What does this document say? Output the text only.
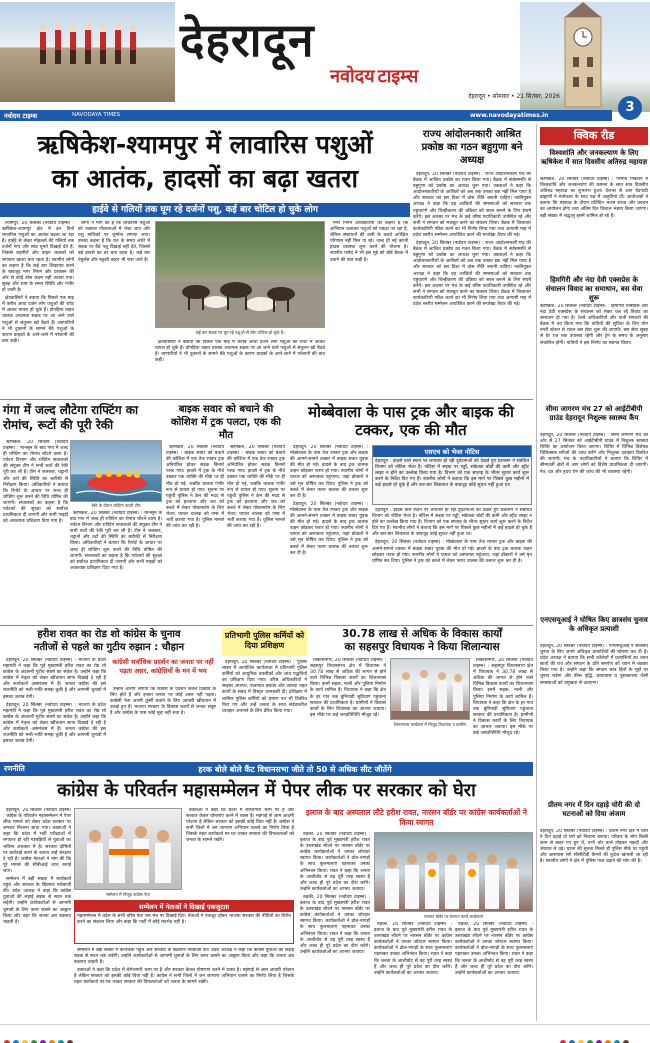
देहरादून
नवोदय टाइम्स
देहरादून • सोमवार • 21 सितंबर, 2026
3
नवोदय टाइम्स	NAVODAYA TIMES	www.navodayatimes.in
ऋषिकेश-श्यामपुर में लावारिस पशुओं
का आतंक, हादसों का बढ़ा खतरा
हाईवे से गलियों तक घूम रहे दर्जनों पशु, कई बार चोटिल हो चुके लोग

श्यामपुर, 20 सितंबर (नवोदय टाइम्स) : ऋषिकेश-श्यामपुर क्षेत्र में इन दिनों लावारिस पशुओं का आतंक बढ़ता जा रहा है। हाईवे से लेकर मोहल्लों की गलियों तक दर्जनों गाय और सांड घूमते दिखाई देते हैं, जिससे राहगीरों और वाहन चालकों को लगातार खतरा बना रहता है। स्थानीय लोगों का कहना है कि कई बार शिकायत करने के बावजूद नगर निगम और प्रशासन की ओर से कोई ठोस कदम नहीं उठाया गया। सुबह और शाम के समय स्थिति और गंभीर हो जाती है।

क्षेत्रवासियों ने बताया कि पिछले एक माह में करीब आधा दर्जन लोग पशुओं की चपेट में आकर घायल हो चुके हैं। दोपहिया वाहन चालक अचानक सड़क पर आ जाने वाले पशुओं से संतुलन खो बैठते हैं। व्यापारियों ने भी दुकानों के सामने बैठे पशुओं के कारण ग्राहकों के आने-जाने में परेशानी की बात कही।

लोगों ने मांग की है कि लावारिस पशुओं को तत्काल गौशालाओं में भेजा जाए और पशु मालिकों पर जुर्माना लगाया जाए। उनका कहना है कि रात के समय अंधेरे में सड़क पर बैठे पशु दिखाई नहीं देते, जिससे बड़े हादसे का डर बना रहता है। कई बार एंबुलेंस और स्कूली वाहन भी फंस जाते हैं।

कई बार सड़क पर घूम रहे पशुओं से लोग चोटिल हो चुके हैं।

नगर निगम अधिकारियों का कहना है कि अभियान चलाकर पशुओं को पकड़ा जा रहा है, लेकिन संसाधनों की कमी के चलते अपेक्षित परिणाम नहीं मिल पा रहे। जल्द ही नई कांजी हाउस व्यवस्था शुरू करने की योजना है। स्थानीय पार्षद ने भी इस मुद्दे को बोर्ड बैठक में उठाने की बात कही है।

क्षेत्रवासियों ने बताया कि पिछले एक माह में करीब आधा दर्जन लोग पशुओं की चपेट में आकर घायल हो चुके हैं। दोपहिया वाहन चालक अचानक सड़क पर आ जाने वाले पशुओं से संतुलन खो बैठते हैं। व्यापारियों ने भी दुकानों के सामने बैठे पशुओं के कारण ग्राहकों के आने-जाने में परेशानी की बात कही।

राज्य आंदोलनकारी आश्रित प्रकोष्ठ का गठन बहुगुणा बने अध्यक्ष

देहरादून, 20 सितंबर (नवोदय टाइम्स) : राज्य आंदोलनकारी मंच की बैठक में आश्रित प्रकोष्ठ का गठन किया गया। बैठक में सर्वसम्मति से बहुगुणा को प्रकोष्ठ का अध्यक्ष चुना गया। वक्ताओं ने कहा कि आंदोलनकारियों के आश्रितों को अब तक उनका हक नहीं मिल पाया है और सरकार को इस दिशा में ठोस नीति बनानी चाहिए। नवनियुक्त अध्यक्ष ने कहा कि वह आश्रितों की समस्याओं को सरकार तक पहुंचाएंगे और चिन्हीकरण की प्रक्रिया को सरल बनाने के लिए संघर्ष करेंगे। इस अवसर पर मंच के कई वरिष्ठ पदाधिकारी उपस्थित रहे और सभी ने संगठन को मजबूत करने का संकल्प लिया। बैठक में जिलावार कार्यकारिणी गठित करने का भी निर्णय लिया गया तथा आगामी माह में प्रदेश स्तरीय सम्मेलन आयोजित करने की रूपरेखा तैयार की गई।

देहरादून, 20 सितंबर (नवोदय टाइम्स) : राज्य आंदोलनकारी मंच की बैठक में आश्रित प्रकोष्ठ का गठन किया गया। बैठक में सर्वसम्मति से बहुगुणा को प्रकोष्ठ का अध्यक्ष चुना गया। वक्ताओं ने कहा कि आंदोलनकारियों के आश्रितों को अब तक उनका हक नहीं मिल पाया है और सरकार को इस दिशा में ठोस नीति बनानी चाहिए। नवनियुक्त अध्यक्ष ने कहा कि वह आश्रितों की समस्याओं को सरकार तक पहुंचाएंगे और चिन्हीकरण की प्रक्रिया को सरल बनाने के लिए संघर्ष करेंगे। इस अवसर पर मंच के कई वरिष्ठ पदाधिकारी उपस्थित रहे और सभी ने संगठन को मजबूत करने का संकल्प लिया। बैठक में जिलावार कार्यकारिणी गठित करने का भी निर्णय लिया गया तथा आगामी माह में प्रदेश स्तरीय सम्मेलन आयोजित करने की रूपरेखा तैयार की गई।

क्विक रीड
विश्वशांति और जनकल्याण के लिए ऋषिकेश में सात दिवसीय अतिरुद्र महायज्ञ
ऋषिकेश, 20 सितंबर (नवोदय टाइम्स) : परमार्थ निकेतन में विश्वशांति और जनकल्याण की कामना के साथ सात दिवसीय अतिरुद्र महायज्ञ का शुभारंभ हुआ। देशभर से आए वेदपाठी ब्राह्मणों ने मंत्रोच्चार के साथ यज्ञ में आहुतियां दीं। आयोजकों ने बताया कि महायज्ञ के दौरान प्रतिदिन भजन संध्या और प्रवचन का आयोजन होगा तथा अंतिम दिन विशाल भंडारा किया जाएगा। बड़ी संख्या में श्रद्धालु इसमें शामिल हो रहे हैं।
हिमगिरी और नंदा देवी एक्सप्रेस के संचालन विवाद का समाधान, बस सेवा शुरू
ऋषिकेश, 20 सितंबर (नवोदय टाइम्स) : हिमगिरी एक्सप्रेस और नंदा देवी एक्सप्रेस के संचालन को लेकर चल रहे विवाद का समाधान हो गया है। रेलवे अधिकारियों और यात्री संगठनों की बैठक में तय किया गया कि यात्रियों की सुविधा के लिए योग नगरी स्टेशन से शटल बस सेवा शुरू की जाएगी। बस सेवा सुबह से देर रात तक उपलब्ध रहेगी और ट्रेन के समय के अनुसार संचालित होगी। यात्रियों ने इस निर्णय का स्वागत किया।
सीमा जागरण मंच 27 को आईटीबीपी ग्राउंड देहरादून निशुल्क स्वास्थ्य कैंप
देहरादून, 20 सितंबर (नवोदय टाइम्स) : सीमा जागरण मंच की ओर से 27 सितंबर को आईटीबीपी ग्राउंड में निशुल्क स्वास्थ्य शिविर का आयोजन किया जाएगा। शिविर में विभिन्न विशेषज्ञ चिकित्सक मरीजों की जांच करेंगे और निशुल्क दवाइयां वितरित की जाएंगी। मंच के पदाधिकारियों ने बताया कि शिविर में सीमावर्ती क्षेत्रों से आए लोगों को विशेष प्राथमिकता दी जाएगी। नेत्र, दंत और हृदय रोग की जांच की भी व्यवस्था रहेगी।
एनएसयूआई ने घोषित किए छात्रसंघ चुनाव के अधिकृत प्रत्याशी
देहरादून, 20 सितंबर (नवोदय टाइम्स) : एनएसयूआई ने छात्रसंघ चुनाव के लिए अपने अधिकृत प्रत्याशियों की घोषणा कर दी है। प्रदेश अध्यक्ष ने बताया कि सभी कॉलेजों में प्रत्याशियों का चयन छात्रों की राय और संगठन के प्रति समर्पण को ध्यान में रखकर किया गया है। उन्होंने कहा कि संगठन छात्र हितों के मुद्दों पर चुनाव लड़ेगा और फीस वृद्धि, छात्रावास व पुस्तकालय जैसी समस्याओं को प्रमुखता से उठाएगा।
प्रीतम नगर में दिन दहाड़े चोरी की दो घटनाओं को दिया अंजाम
देहरादून, 20 सितंबर (नवोदय टाइम्स) : प्रीतम नगर क्षेत्र में चोरों ने दिन दहाड़े दो घरों को निशाना बनाया। परिवार के लोग किसी काम से बाहर गए हुए थे, तभी चोर ताले तोड़कर नकदी और जेवरात ले उड़े। घटना की सूचना मिलते ही पुलिस मौके पर पहुंची और आसपास लगे सीसीटीवी कैमरों की फुटेज खंगाली जा रही है। स्थानीय लोगों ने क्षेत्र में पुलिस गश्त बढ़ाने की मांग की है।
गंगा में जल्द लौटेगा राफ्टिंग का रोमांच, रूटों की पूरी रेकी

ऋषिकेश, 20 सितंबर (नवोदय टाइम्स) : मानसून के बाद गंगा में जल्द ही राफ्टिंग का रोमांच लौटने वाला है। पर्यटन विभाग और राफ्टिंग संचालकों की संयुक्त टीम ने सभी रूटों की रेकी पूरी कर ली है। टीम ने जलस्तर, चट्टानों और तटों की स्थिति का बारीकी से निरीक्षण किया। अधिकारियों ने बताया कि रिपोर्ट के आधार पर जल्द ही राफ्टिंग शुरू करने की तिथि घोषित की जाएगी। संचालकों का कहना है कि पर्यटकों की सुरक्षा को सर्वोच्च प्राथमिकता दी जाएगी और सभी गाइडों को आवश्यक प्रशिक्षण दिया गया है।

रेकी के दौरान राफ्टिंग करती टीम

ऋषिकेश, 20 सितंबर (नवोदय टाइम्स) : मानसून के बाद गंगा में जल्द ही राफ्टिंग का रोमांच लौटने वाला है। पर्यटन विभाग और राफ्टिंग संचालकों की संयुक्त टीम ने सभी रूटों की रेकी पूरी कर ली है। टीम ने जलस्तर, चट्टानों और तटों की स्थिति का बारीकी से निरीक्षण किया। अधिकारियों ने बताया कि रिपोर्ट के आधार पर जल्द ही राफ्टिंग शुरू करने की तिथि घोषित की जाएगी। संचालकों का कहना है कि पर्यटकों की सुरक्षा को सर्वोच्च प्राथमिकता दी जाएगी और सभी गाइडों को आवश्यक प्रशिक्षण दिया गया है।

बाइक सवार को बचाने की कोशिश में ट्रक पलटा, एक की मौत

ऋषिकेश, 20 सितंबर (नवोदय टाइम्स) : बाइक सवार को बचाने की कोशिश में एक तेज रफ्तार ट्रक अनियंत्रित होकर सड़क किनारे पलट गया। हादसे में ट्रक के नीचे दबकर एक व्यक्ति की मौके पर ही मौत हो गई, जबकि चालक गंभीर रूप से घायल हो गया। सूचना पर पहुंची पुलिस ने क्रेन की मदद से ट्रक को हटवाया और शव को कब्जे में लेकर पोस्टमार्टम के लिए भेजा। घायल चालक को एम्स में भर्ती कराया गया है। पुलिस मामले की जांच कर रही है।

ऋषिकेश, 20 सितंबर (नवोदय टाइम्स) : बाइक सवार को बचाने की कोशिश में एक तेज रफ्तार ट्रक अनियंत्रित होकर सड़क किनारे पलट गया। हादसे में ट्रक के नीचे दबकर एक व्यक्ति की मौके पर ही मौत हो गई, जबकि चालक गंभीर रूप से घायल हो गया। सूचना पर पहुंची पुलिस ने क्रेन की मदद से ट्रक को हटवाया और शव को कब्जे में लेकर पोस्टमार्टम के लिए भेजा। घायल चालक को एम्स में भर्ती कराया गया है। पुलिस मामले की जांच कर रही है।

मोब्बेवाला के पास ट्रक और बाइक की टक्कर, एक की मौत

देहरादून, 20 सितंबर (नवोदय टाइम्स) : मोब्बेवाला के पास तेज रफ्तार ट्रक और बाइक की आमने-सामने टक्कर में बाइक सवार युवक की मौत हो गई। हादसे के बाद ट्रक चालक वाहन छोड़कर फरार हो गया। स्थानीय लोगों ने घायल को अस्पताल पहुंचाया, जहां डॉक्टरों ने उसे मृत घोषित कर दिया। पुलिस ने ट्रक को कब्जे में लेकर फरार चालक की तलाश शुरू कर दी है।

देहरादून, 20 सितंबर (नवोदय टाइम्स) : मोब्बेवाला के पास तेज रफ्तार ट्रक और बाइक की आमने-सामने टक्कर में बाइक सवार युवक की मौत हो गई। हादसे के बाद ट्रक चालक वाहन छोड़कर फरार हो गया। स्थानीय लोगों ने घायल को अस्पताल पहुंचाया, जहां डॉक्टरों ने उसे मृत घोषित कर दिया। पुलिस ने ट्रक को कब्जे में लेकर फरार चालक की तलाश शुरू कर दी है।

एसएच को भेजा नोटिस
देहरादून : हादसे वाले स्थान पर लगातार हो रही दुर्घटनाओं को देखते हुए प्रशासन ने संबंधित विभाग को नोटिस भेजा है। नोटिस में सड़क पर गड्ढों, संकेतक बोर्डों की कमी और स्ट्रीट लाइट न होने का उल्लेख किया गया है। विभाग को एक सप्ताह के भीतर सुधार कार्य शुरू करने के निर्देश दिए गए हैं। स्थानीय लोगों ने बताया कि इस मार्ग पर पिछले कुछ महीनों में कई हादसे हो चुके हैं और बार-बार शिकायत के बावजूद कोई सुधार नहीं हुआ था।

देहरादून : हादसे वाले स्थान पर लगातार हो रही दुर्घटनाओं को देखते हुए प्रशासन ने संबंधित विभाग को नोटिस भेजा है। नोटिस में सड़क पर गड्ढों, संकेतक बोर्डों की कमी और स्ट्रीट लाइट न होने का उल्लेख किया गया है। विभाग को एक सप्ताह के भीतर सुधार कार्य शुरू करने के निर्देश दिए गए हैं। स्थानीय लोगों ने बताया कि इस मार्ग पर पिछले कुछ महीनों में कई हादसे हो चुके हैं और बार-बार शिकायत के बावजूद कोई सुधार नहीं हुआ था।

देहरादून, 20 सितंबर (नवोदय टाइम्स) : मोब्बेवाला के पास तेज रफ्तार ट्रक और बाइक की आमने-सामने टक्कर में बाइक सवार युवक की मौत हो गई। हादसे के बाद ट्रक चालक वाहन छोड़कर फरार हो गया। स्थानीय लोगों ने घायल को अस्पताल पहुंचाया, जहां डॉक्टरों ने उसे मृत घोषित कर दिया। पुलिस ने ट्रक को कब्जे में लेकर फरार चालक की तलाश शुरू कर दी है।

हरीश रावत का रोड शो कांग्रेस के चुनाव
नतीजों से पहले का गुटीय रुझान : चौहान

देहरादून, 20 सितंबर (नवोदय टाइम्स) : भाजपा के प्रदेश महामंत्री ने कहा कि पूर्व मुख्यमंत्री हरीश रावत का रोड शो कांग्रेस के अंदरूनी गुटीय संघर्ष का संकेत है। उन्होंने कहा कि कांग्रेस में नेतृत्व को लेकर खींचतान साफ दिखाई दे रही है और कार्यकर्ता असमंजस में हैं। जनता कांग्रेस की इस राजनीति को भली-भांति समझ चुकी है और आगामी चुनावों में इसका जवाब देगी।

देहरादून, 20 सितंबर (नवोदय टाइम्स) : भाजपा के प्रदेश महामंत्री ने कहा कि पूर्व मुख्यमंत्री हरीश रावत का रोड शो कांग्रेस के अंदरूनी गुटीय संघर्ष का संकेत है। उन्होंने कहा कि कांग्रेस में नेतृत्व को लेकर खींचतान साफ दिखाई दे रही है और कार्यकर्ता असमंजस में हैं। जनता कांग्रेस की इस राजनीति को भली-भांति समझ चुकी है और आगामी चुनावों में इसका जवाब देगी।

कांग्रेसी सर्वाधिक प्रदर्शन का जनता पर नहीं पड़ता असर, कांग्रेसियों के मन में भय

उन्होंने आरोप लगाया कि कांग्रेस के प्रदर्शन केवल दिखावे के लिए होते हैं और इनका जनता पर कोई असर नहीं पड़ता। कांग्रेसी नेता अपनी कुर्सी बचाने के लिए आपसी खींचतान में उलझे हुए हैं। भाजपा सरकार के विकास कार्यों से जनता संतुष्ट है और कांग्रेस के पास कोई मुद्दा नहीं बचा है।

प्रतिभागी पुलिस कर्मियों को दिया प्रशिक्षण

देहरादून, 20 सितंबर (नवोदय टाइम्स) : पुलिस लाइन में आयोजित कार्यशाला में प्रतिभागी पुलिस कर्मियों को आधुनिक तकनीकों और जांच पद्धतियों का प्रशिक्षण दिया गया। वरिष्ठ अधिकारियों ने साइबर अपराध, यातायात प्रबंधन और आपदा राहत कार्यों के संबंध में विस्तृत जानकारी दी। प्रशिक्षण में शामिल पुलिस कर्मियों को प्रमाण पत्र भी वितरित किए गए और उन्हें जनता के साथ संवेदनशील व्यवहार अपनाने के लिए प्रेरित किया गया।

30.78 लाख से अधिक के विकास कार्यों
का सहसपुर विधायक ने किया शिलान्यास

विकासनगर, 20 सितंबर (नवोदय टाइम्स) : सहसपुर विधानसभा क्षेत्र में विधायक ने 30.78 लाख से अधिक की लागत से होने वाले विभिन्न विकास कार्यों का शिलान्यास किया। इनमें सड़क, नाली और पुलिया निर्माण के कार्य शामिल हैं। विधायक ने कहा कि क्षेत्र के हर गांव तक बुनियादी सुविधाएं पहुंचाना सरकार की प्राथमिकता है। ग्रामीणों ने विकास कार्यों के लिए विधायक का आभार जताया। इस मौके पर कई जनप्रतिनिधि मौजूद रहे।

शिलान्यास कार्यक्रम में मौजूद विधायक व ग्रामीण

विकासनगर, 20 सितंबर (नवोदय टाइम्स) : सहसपुर विधानसभा क्षेत्र में विधायक ने 30.78 लाख से अधिक की लागत से होने वाले विभिन्न विकास कार्यों का शिलान्यास किया। इनमें सड़क, नाली और पुलिया निर्माण के कार्य शामिल हैं। विधायक ने कहा कि क्षेत्र के हर गांव तक बुनियादी सुविधाएं पहुंचाना सरकार की प्राथमिकता है। ग्रामीणों ने विकास कार्यों के लिए विधायक का आभार जताया। इस मौके पर कई जनप्रतिनिधि मौजूद रहे।

रणनीति	हरक बोले बोले कैंट विधानसभा जीते तो 50 से अधिक सीट जीतेंगे
कांग्रेस के परिवर्तन महासम्मेलन में पेपर लीक पर सरकार को घेरा

देहरादून, 20 सितंबर (नवोदय टाइम्स) : कांग्रेस के परिवर्तन महासम्मेलन में पेपर लीक मामले को लेकर प्रदेश सरकार पर जमकर निशाना साधा गया। वक्ताओं ने कहा कि प्रदेश में भर्ती परीक्षाओं में लगातार हो रही गड़बड़ियों से युवाओं का भविष्य अंधकार में है। सरकार दोषियों पर कार्रवाई करने के बजाय उन्हें संरक्षण दे रही है। कांग्रेस नेताओं ने मांग की कि पूरे मामले की सीबीआई जांच कराई जाए।

सम्मेलन में बड़ी संख्या में कार्यकर्ता पहुंचे और सरकार के खिलाफ नारेबाजी की। प्रदेश अध्यक्ष ने कहा कि कांग्रेस युवाओं की लड़ाई सड़क से सदन तक लड़ेगी। उन्होंने कार्यकर्ताओं से आगामी चुनावों के लिए कमर कसने का आह्वान किया और कहा कि जनता अब बदलाव चाहती है।

सम्मेलन में मौजूद कांग्रेस नेता
सम्मेलन में नेताओं ने दिखाई एकजुटता
महासम्मेलन में प्रदेश के सभी वरिष्ठ नेता एक मंच पर दिखाई दिए। नेताओं ने एकजुट होकर भाजपा सरकार की नीतियों का विरोध करने का संकल्प लिया और कहा कि पार्टी में कोई मतभेद नहीं है।

वक्ताओं ने कहा कि प्रदेश में बेरोजगारी चरम पर है और सरकार केवल घोषणाएं करने में व्यस्त है। महंगाई से आम आदमी परेशान है लेकिन सरकार को इसकी कोई चिंता नहीं है। कांग्रेस ने सभी जिलों में जन जागरण अभियान चलाने का निर्णय लिया है जिसके तहत कार्यकर्ता घर-घर जाकर सरकार की विफलताओं को जनता के सामने रखेंगे।

सम्मेलन में बड़ी संख्या में कार्यकर्ता पहुंचे और सरकार के खिलाफ नारेबाजी की। प्रदेश अध्यक्ष ने कहा कि कांग्रेस युवाओं की लड़ाई सड़क से सदन तक लड़ेगी। उन्होंने कार्यकर्ताओं से आगामी चुनावों के लिए कमर कसने का आह्वान किया और कहा कि जनता अब बदलाव चाहती है।

वक्ताओं ने कहा कि प्रदेश में बेरोजगारी चरम पर है और सरकार केवल घोषणाएं करने में व्यस्त है। महंगाई से आम आदमी परेशान है लेकिन सरकार को इसकी कोई चिंता नहीं है। कांग्रेस ने सभी जिलों में जन जागरण अभियान चलाने का निर्णय लिया है जिसके तहत कार्यकर्ता घर-घर जाकर सरकार की विफलताओं को जनता के सामने रखेंगे।

इलाज के बाद अस्पताल लौटे हरीश रावत, नारसन बॉर्डर पर कांग्रेस कार्यकर्ताओं ने किया स्वागत

रुड़की, 20 सितंबर (नवोदय टाइम्स) : इलाज के बाद पूर्व मुख्यमंत्री हरीश रावत के उत्तराखंड लौटने पर नारसन बॉर्डर पर कांग्रेस कार्यकर्ताओं ने उनका जोरदार स्वागत किया। कार्यकर्ताओं ने ढोल-नगाड़ों के साथ फूलमालाएं पहनाकर उनका अभिनंदन किया। रावत ने कहा कि जनता के आशीर्वाद से वह पूरी तरह स्वस्थ हैं और जल्द ही पूरे प्रदेश का दौरा करेंगे। उन्होंने कार्यकर्ताओं का आभार जताया।

रुड़की, 20 सितंबर (नवोदय टाइम्स) : इलाज के बाद पूर्व मुख्यमंत्री हरीश रावत के उत्तराखंड लौटने पर नारसन बॉर्डर पर कांग्रेस कार्यकर्ताओं ने उनका जोरदार स्वागत किया। कार्यकर्ताओं ने ढोल-नगाड़ों के साथ फूलमालाएं पहनाकर उनका अभिनंदन किया। रावत ने कहा कि जनता के आशीर्वाद से वह पूरी तरह स्वस्थ हैं और जल्द ही पूरे प्रदेश का दौरा करेंगे। उन्होंने कार्यकर्ताओं का आभार जताया।

नारसन बॉर्डर पर स्वागत करते कार्यकर्ता

रुड़की, 20 सितंबर (नवोदय टाइम्स) : इलाज के बाद पूर्व मुख्यमंत्री हरीश रावत के उत्तराखंड लौटने पर नारसन बॉर्डर पर कांग्रेस कार्यकर्ताओं ने उनका जोरदार स्वागत किया। कार्यकर्ताओं ने ढोल-नगाड़ों के साथ फूलमालाएं पहनाकर उनका अभिनंदन किया। रावत ने कहा कि जनता के आशीर्वाद से वह पूरी तरह स्वस्थ हैं और जल्द ही पूरे प्रदेश का दौरा करेंगे। उन्होंने कार्यकर्ताओं का आभार जताया।

रुड़की, 20 सितंबर (नवोदय टाइम्स) : इलाज के बाद पूर्व मुख्यमंत्री हरीश रावत के उत्तराखंड लौटने पर नारसन बॉर्डर पर कांग्रेस कार्यकर्ताओं ने उनका जोरदार स्वागत किया। कार्यकर्ताओं ने ढोल-नगाड़ों के साथ फूलमालाएं पहनाकर उनका अभिनंदन किया। रावत ने कहा कि जनता के आशीर्वाद से वह पूरी तरह स्वस्थ हैं और जल्द ही पूरे प्रदेश का दौरा करेंगे। उन्होंने कार्यकर्ताओं का आभार जताया।
